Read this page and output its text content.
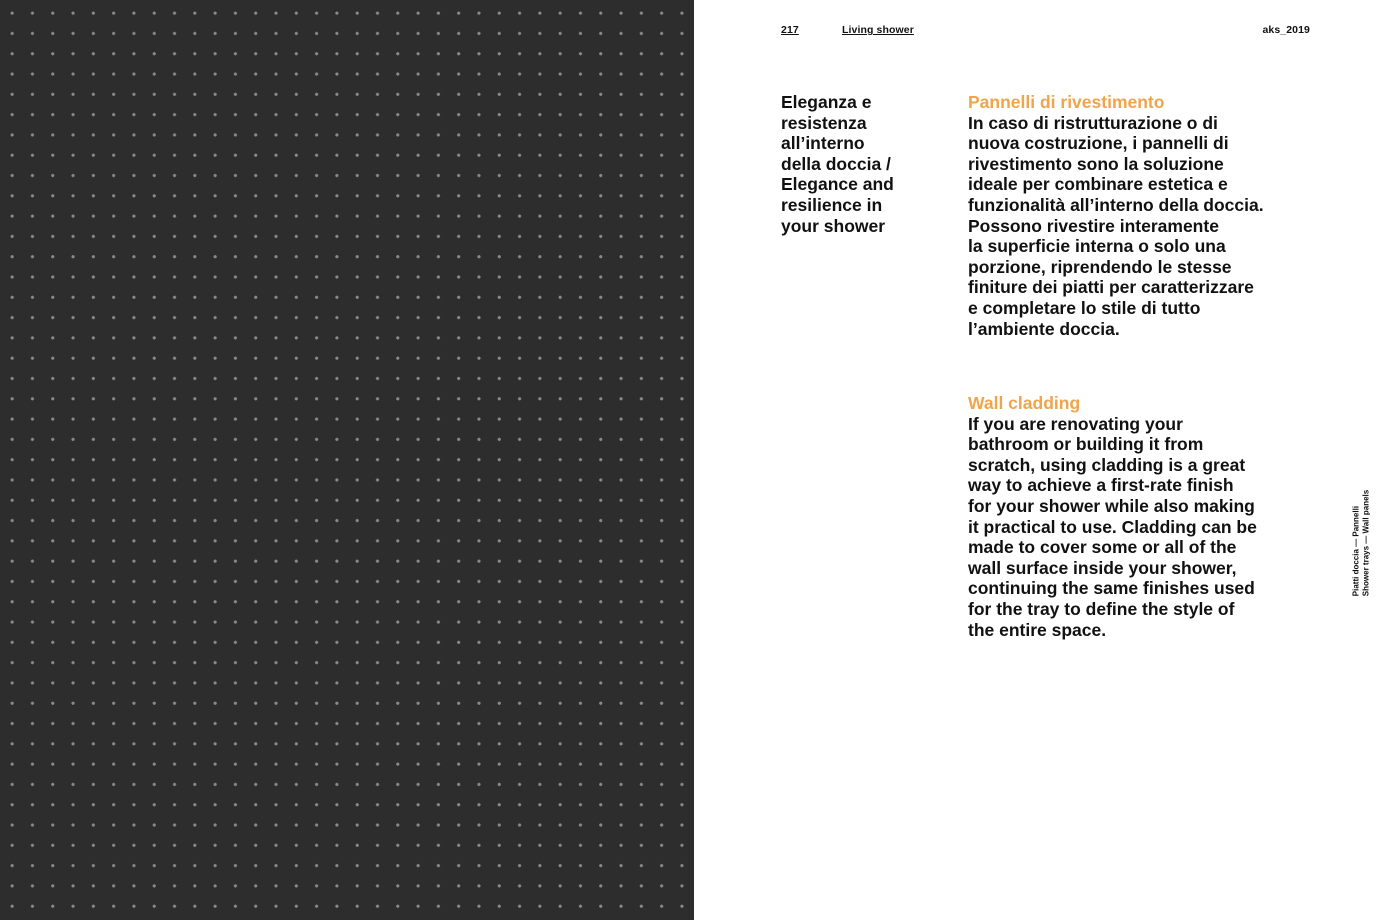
217	Living shower	aks_2019
Eleganza e
resistenza
all’interno
della doccia /
Elegance and
resilience in
your shower
Pannelli di rivestimento
In caso di ristrutturazione o di
nuova costruzione, i pannelli di
rivestimento sono la soluzione
ideale per combinare estetica e
funzionalità all’interno della doccia.
Possono rivestire interamente
la superficie interna o solo una
porzione, riprendendo le stesse
finiture dei piatti per caratterizzare
e completare lo stile di tutto
l’ambiente doccia.
Wall cladding
If you are renovating your
bathroom or building it from
scratch, using cladding is a great
way to achieve a first-rate finish
for your shower while also making
it practical to use. Cladding can be
made to cover some or all of the
wall surface inside your shower,
continuing the same finishes used
for the tray to define the style of
the entire space.
Piatti doccia — Pannelli Shower trays — Wall panels
